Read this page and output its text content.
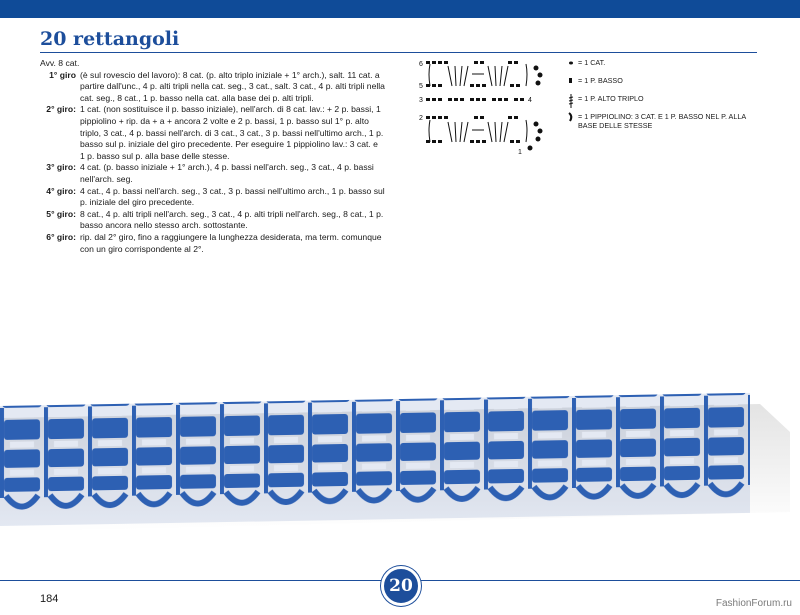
20 rettangoli

Avv. 8 cat.

1° giro (è sul rovescio del lavoro): 8 cat. (p. alto triplo iniziale + 1° arch.), salt. 11 cat. a partire dall'unc., 4 p. alti tripli nella cat. seg., 3 cat., salt. 3 cat., 4 p. alti tripli nella cat. seg., 8 cat., 1 p. basso nella cat. alla base dei p. alti tripli.
2° giro: 1 cat. (non sostituisce il p. basso iniziale), nell'arch. di 8 cat. lav.: + 2 p. bassi, 1 pippiolino + rip. da + a + ancora 2 volte e 2 p. bassi, 1 p. basso sul 1° p. alto triplo, 3 cat., 4 p. bassi nell'arch. di 3 cat., 3 cat., 3 p. bassi nell'ultimo arch., 1 p. basso sul p. iniziale del giro precedente. Per eseguire 1 pippiolino lav.: 3 cat. e 1 p. basso sul p. alla base delle stesse.
3° giro: 4 cat. (p. basso iniziale + 1° arch.), 4 p. bassi nell'arch. seg., 3 cat., 4 p. bassi nell'arch. seg.
4° giro: 4 cat., 4 p. bassi nell'arch. seg., 3 cat., 3 p. bassi nell'ultimo arch., 1 p. basso sul p. iniziale del giro precedente.
5° giro: 8 cat., 4 p. alti tripli nell'arch. seg., 3 cat., 4 p. alti tripli nell'arch. seg., 8 cat., 1 p. basso ancora nello stesso arch. sottostante.
6° giro: rip. dal 2° giro, fino a raggiungere la lunghezza desiderata, ma term. comunque con un giro corrispondente al 2°.
6
5
3	4
2
1
= 1 CAT.
= 1 P. BASSO
= 1 P. ALTO TRIPLO
= 1 PIPPIOLINO: 3 CAT. E 1 P. BASSO NEL P. ALLA BASE DELLE STESSE
20
184	FashionForum.ru
